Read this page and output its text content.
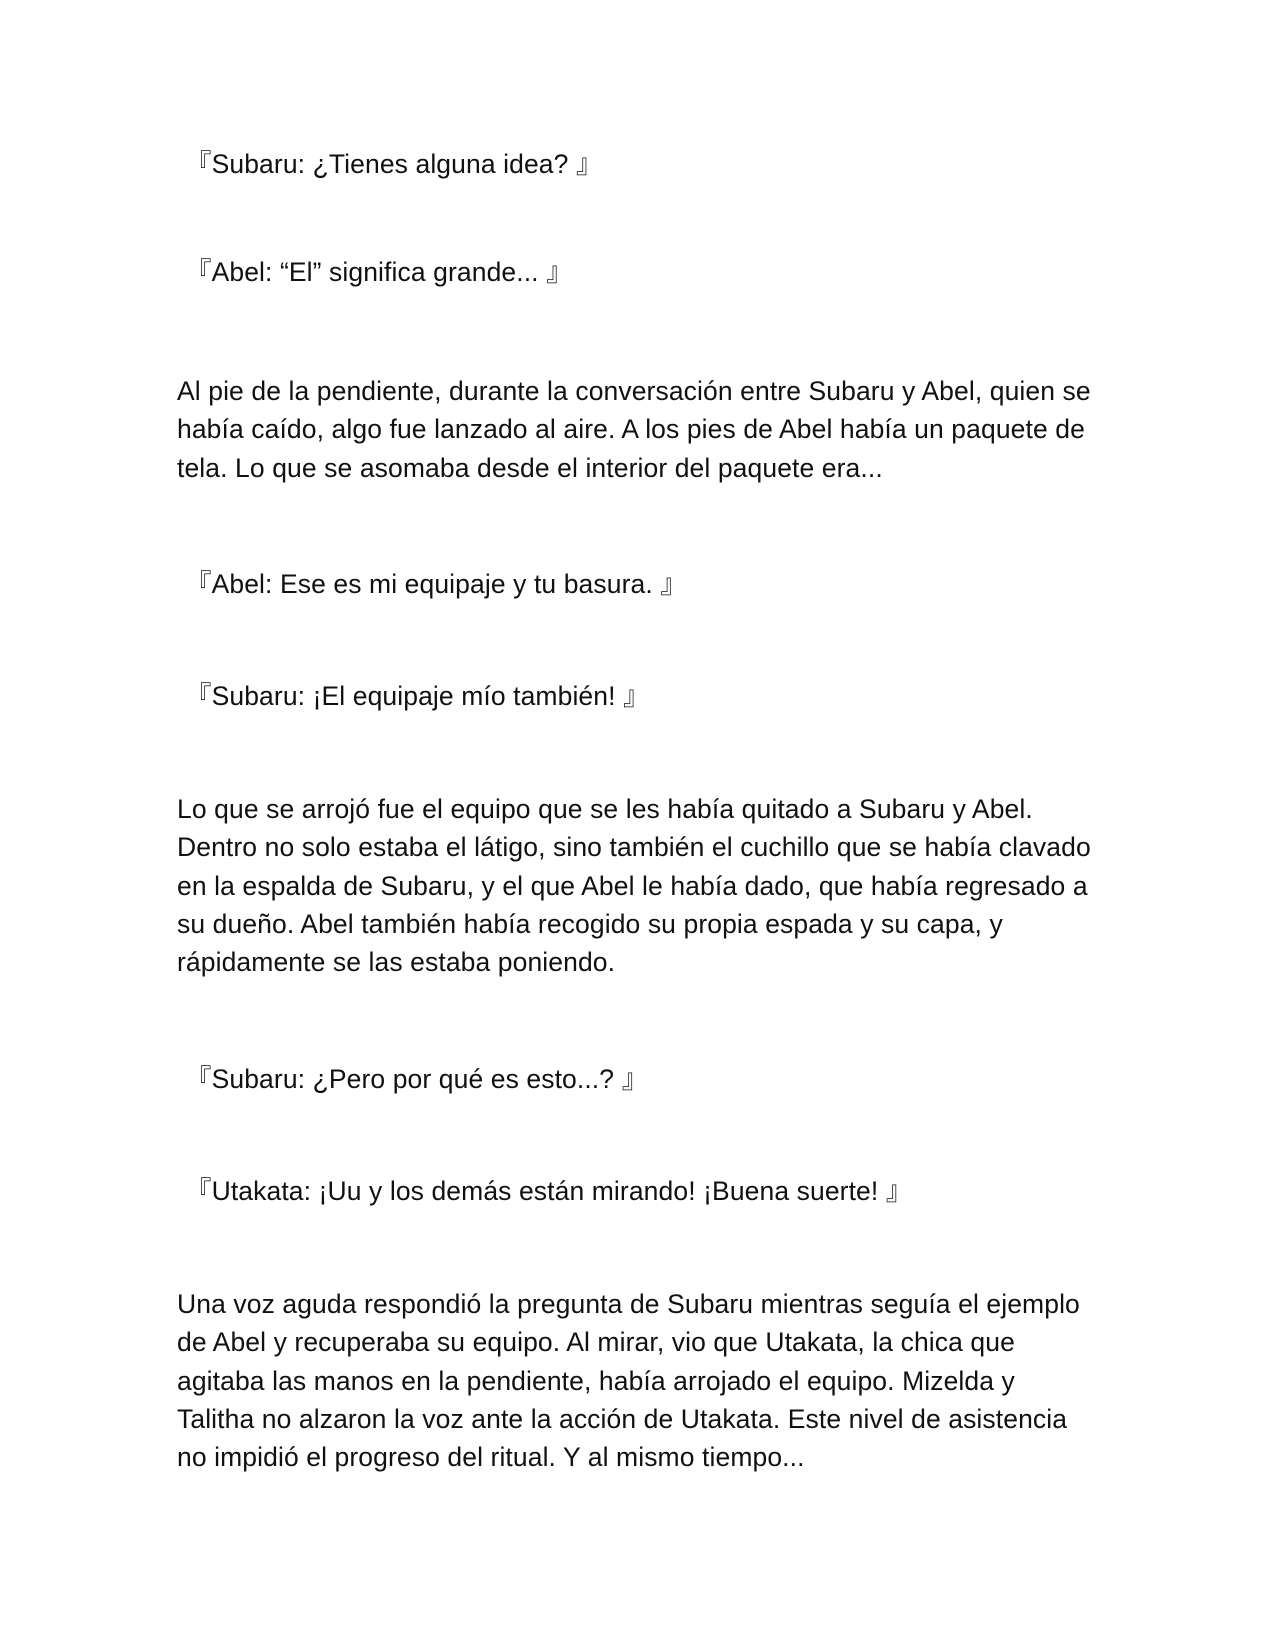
『Subaru: ¿Tienes alguna idea? 』

『Abel: “El” significa grande... 』

Al pie de la pendiente, durante la conversación entre Subaru y Abel, quien se había caído, algo fue lanzado al aire. A los pies de Abel había un paquete de tela. Lo que se asomaba desde el interior del paquete era...

『Abel: Ese es mi equipaje y tu basura. 』

『Subaru: ¡El equipaje mío también! 』

Lo que se arrojó fue el equipo que se les había quitado a Subaru y Abel. Dentro no solo estaba el látigo, sino también el cuchillo que se había clavado en la espalda de Subaru, y el que Abel le había dado, que había regresado a su dueño. Abel también había recogido su propia espada y su capa, y rápidamente se las estaba poniendo.

『Subaru: ¿Pero por qué es esto...? 』

『Utakata: ¡Uu y los demás están mirando! ¡Buena suerte! 』

Una voz aguda respondió la pregunta de Subaru mientras seguía el ejemplo de Abel y recuperaba su equipo. Al mirar, vio que Utakata, la chica que agitaba las manos en la pendiente, había arrojado el equipo. Mizelda y Talitha no alzaron la voz ante la acción de Utakata. Este nivel de asistencia no impidió el progreso del ritual. Y al mismo tiempo...
